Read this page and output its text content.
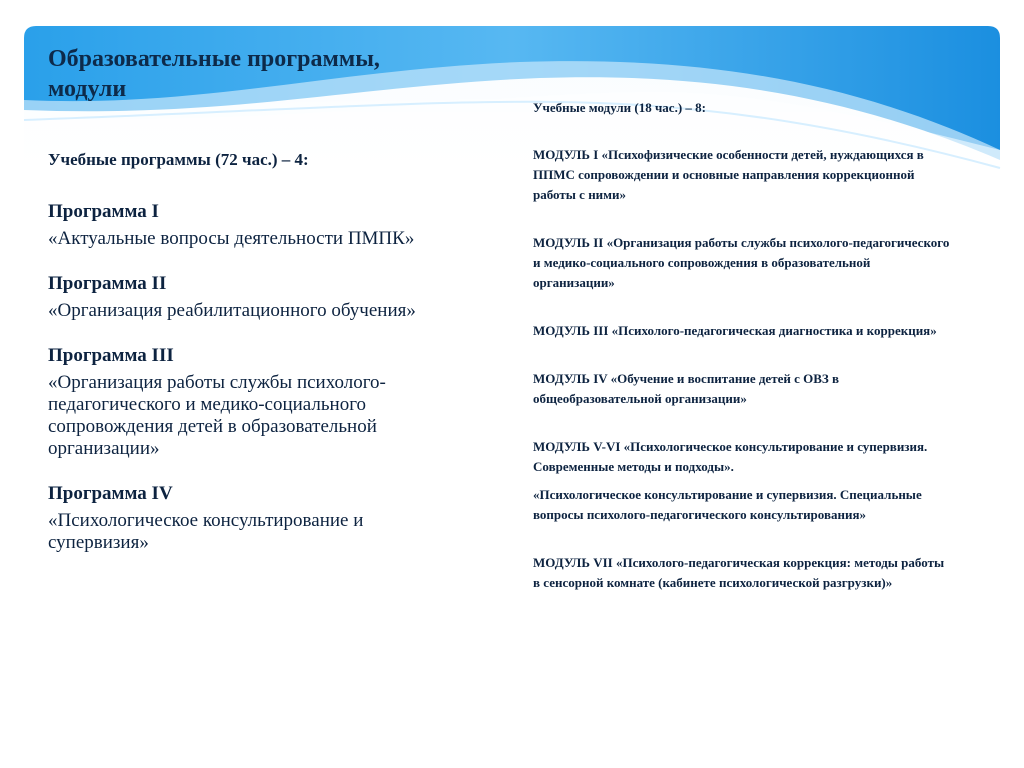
Образовательные программы,
модули
Учебные программы (72 час.) – 4:
Программа I
«Актуальные вопросы деятельности ПМПК»
Программа II
«Организация реабилитационного обучения»
Программа III
«Организация работы службы психолого-педагогического и медико-социального сопровождения детей в образовательной организации»
Программа IV
«Психологическое консультирование и супервизия»
Учебные модули (18 час.) – 8:
МОДУЛЬ I «Психофизические особенности детей, нуждающихся в ППМС сопровождении и основные направления коррекционной работы с ними»
МОДУЛЬ II «Организация работы службы психолого-педагогического и медико-социального сопровождения в образовательной организации»
МОДУЛЬ III «Психолого-педагогическая диагностика и коррекция»
МОДУЛЬ IV «Обучение и воспитание детей с ОВЗ в общеобразовательной организации»
МОДУЛЬ V-VI «Психологическое консультирование и супервизия. Современные методы и подходы».
«Психологическое консультирование и супервизия. Специальные вопросы психолого-педагогического консультирования»
МОДУЛЬ VII «Психолого-педагогическая коррекция: методы работы в сенсорной комнате (кабинете психологической разгрузки)»
